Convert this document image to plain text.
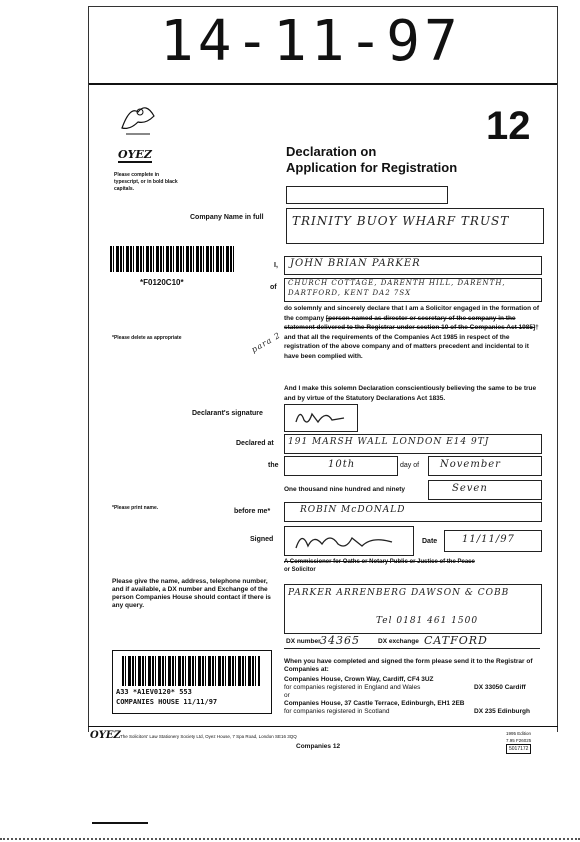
14-11-97
OYEZ
Please complete in typescript, or in bold black capitals.
12
Declaration on
Application for Registration
Company Name in full TRINITY BUOY WHARF TRUST
*F0120C10*
I, JOHN BRIAN PARKER
of
CHURCH COTTAGE, DARENTH HILL, DARENTH,
DARTFORD, KENT DA2 7SX
*Please delete as appropriate	para 2
do solemnly and sincerely declare that I am a Solicitor engaged in the formation of the company [person named as director or secretary of the company in the statement delivered to the Registrar under section 10 of the Companies Act 1985]† and that all the requirements of the Companies Act 1985 in respect of the registration of the above company and of matters precedent and incidental to it have been complied with.
And I make this solemn Declaration conscientiously believing the same to be true and by virtue of the Statutory Declarations Act 1835.
Declarant's signature
Declared at 191 MARSH WALL LONDON E14 9TJ
the	10th	day of November
One thousand nine hundred and ninety	Seven
*Please print name.	before me*	ROBIN McDONALD
Signed	Date 11/11/97
A Commissioner for Oaths or Notary Public or Justice of the Peace
or Solicitor
Please give the name, address, telephone number, and if available, a DX number and Exchange of the person Companies House should contact if there is any query.
PARKER ARRENBERG DAWSON & COBB
Tel 0181 461 1500
DX number 34365	DX exchange CATFORD
A33 *A1EV0120* 553
COMPANIES HOUSE 11/11/97
When you have completed and signed the form please send it to the Registrar of Companies at:
Companies House, Crown Way, Cardiff, CF4 3UZ
for companies registered in England and Wales	DX 33050 Cardiff
or
Companies House, 37 Castle Terrace, Edinburgh, EH1 2EB
for companies registered in Scotland	DX 235 Edinburgh
OYEZ The Solicitors' Law Stationery Society Ltd, Oyez House, 7 Spa Road, London SE16 3QQ
Companies 12
1995 Edition
7.95 F26025
5017172
